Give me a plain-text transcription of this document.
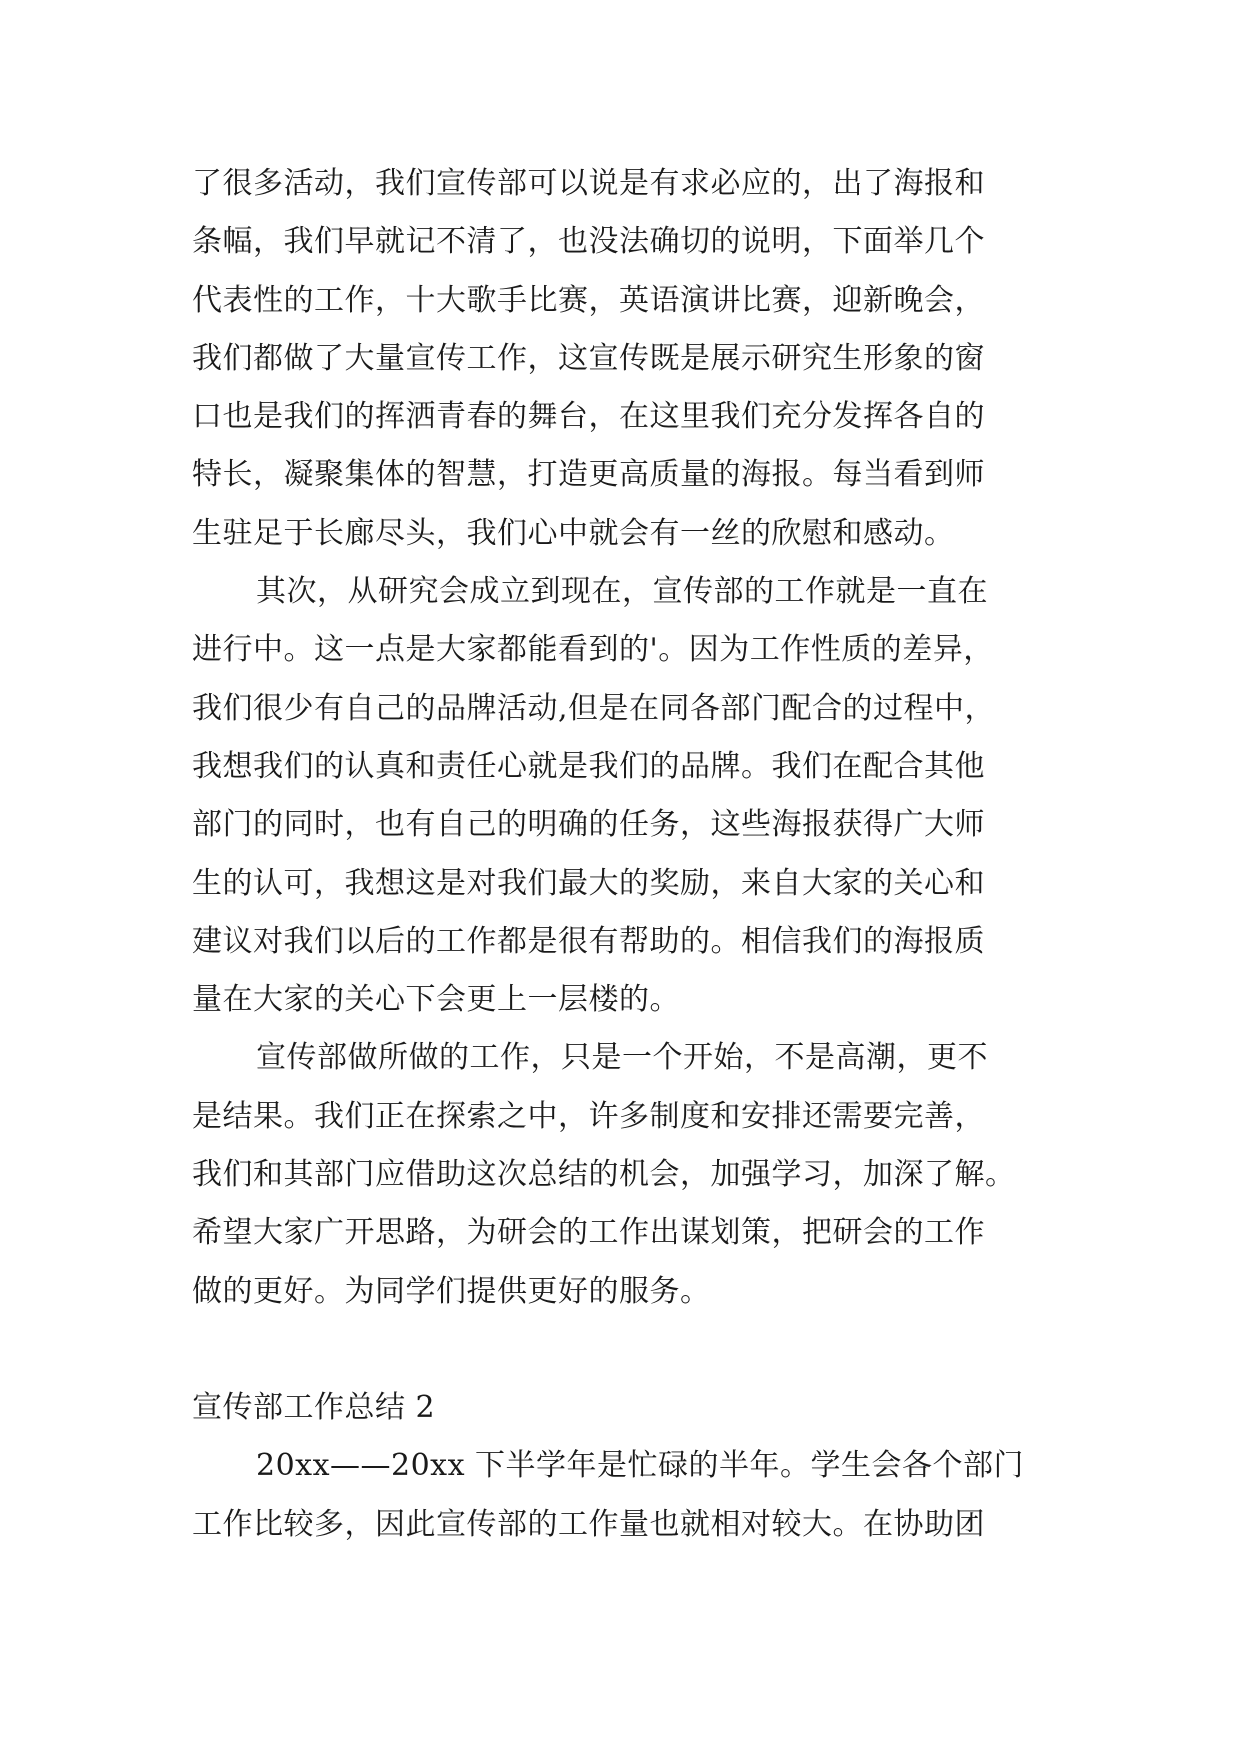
了很多活动，我们宣传部可以说是有求必应的，出了海报和
条幅，我们早就记不清了，也没法确切的说明，下面举几个
代表性的工作，十大歌手比赛，英语演讲比赛，迎新晚会，
我们都做了大量宣传工作，这宣传既是展示研究生形象的窗
口也是我们的挥洒青春的舞台，在这里我们充分发挥各自的
特长，凝聚集体的智慧，打造更高质量的海报。每当看到师
生驻足于长廊尽头，我们心中就会有一丝的欣慰和感动。
其次，从研究会成立到现在，宣传部的工作就是一直在
进行中。这一点是大家都能看到的'。因为工作性质的差异，
我们很少有自己的品牌活动,但是在同各部门配合的过程中，
我想我们的认真和责任心就是我们的品牌。我们在配合其他
部门的同时，也有自己的明确的任务，这些海报获得广大师
生的认可，我想这是对我们最大的奖励，来自大家的关心和
建议对我们以后的工作都是很有帮助的。相信我们的海报质
量在大家的关心下会更上一层楼的。
宣传部做所做的工作，只是一个开始，不是高潮，更不
是结果。我们正在探索之中，许多制度和安排还需要完善，
我们和其部门应借助这次总结的机会，加强学习，加深了解。
希望大家广开思路，为研会的工作出谋划策，把研会的工作
做的更好。为同学们提供更好的服务。
宣传部工作总结 2
20xx——20xx 下半学年是忙碌的半年。学生会各个部门
工作比较多，因此宣传部的工作量也就相对较大。在协助团
